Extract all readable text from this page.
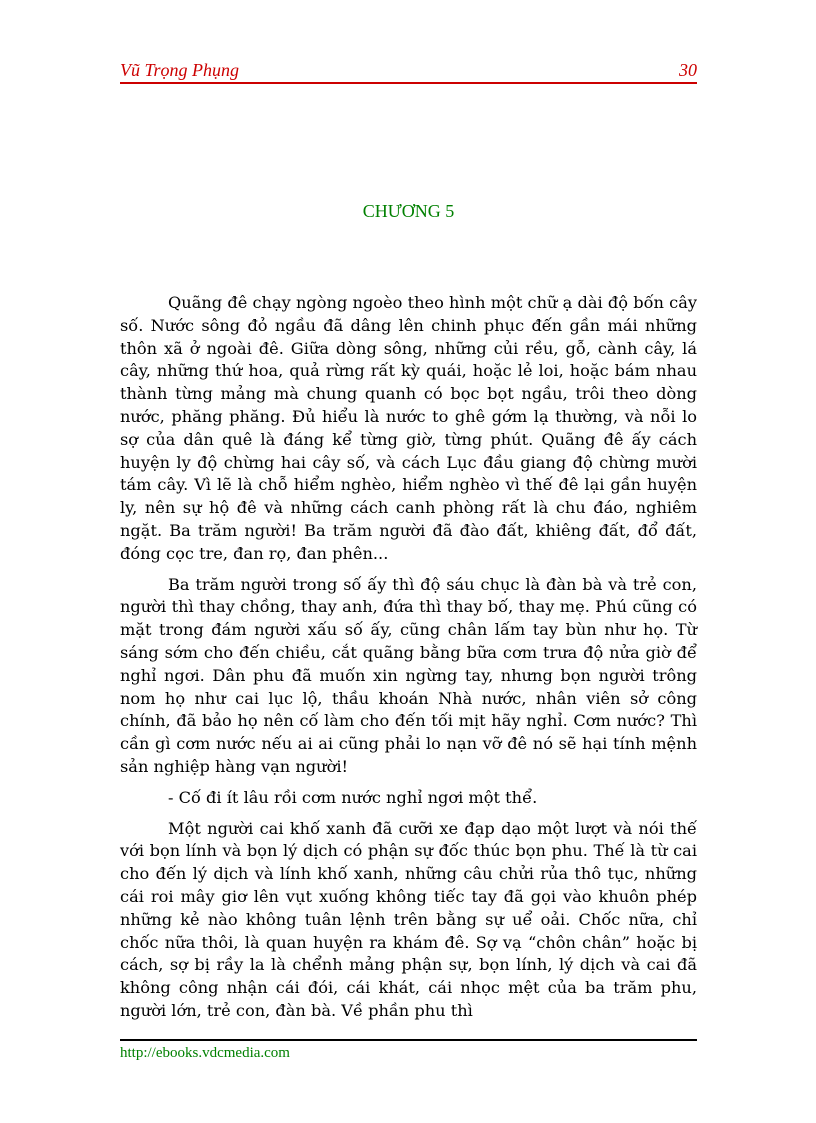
Vũ Trọng Phụng	30
CHƯƠNG 5

Quãng đê chạy ngòng ngoèo theo hình một chữ ạ dài độ bốn cây số. Nước sông đỏ ngầu đã dâng lên chinh phục đến gần mái những thôn xã ở ngoài đê. Giữa dòng sông, những củi rều, gỗ, cành cây, lá cây, những thứ hoa, quả rừng rất kỳ quái, hoặc lẻ loi, hoặc bám nhau thành từng mảng mà chung quanh có bọc bọt ngầu, trôi theo dòng nước, phăng phăng. Đủ hiểu là nước to ghê gớm lạ thường, và nỗi lo sợ của dân quê là đáng kể từng giờ, từng phút. Quãng đê ấy cách huyện ly độ chừng hai cây số, và cách Lục đầu giang độ chừng mười tám cây. Vì lẽ là chỗ hiểm nghèo, hiểm nghèo vì thế đê lại gần huyện ly, nên sự hộ đê và những cách canh phòng rất là chu đáo, nghiêm ngặt. Ba trăm người! Ba trăm người đã đào đất, khiêng đất, đổ đất, đóng cọc tre, đan rọ, đan phên...

Ba trăm người trong số ấy thì độ sáu chục là đàn bà và trẻ con, người thì thay chồng, thay anh, đứa thì thay bố, thay mẹ. Phú cũng có mặt trong đám người xấu số ấy, cũng chân lấm tay bùn như họ. Từ sáng sớm cho đến chiều, cắt quãng bằng bữa cơm trưa độ nửa giờ để nghỉ ngơi. Dân phu đã muốn xin ngừng tay, nhưng bọn người trông nom họ như cai lục lộ, thầu khoán Nhà nước, nhân viên sở công chính, đã bảo họ nên cố làm cho đến tối mịt hãy nghỉ. Cơm nước? Thì cần gì cơm nước nếu ai ai cũng phải lo nạn vỡ đê nó sẽ hại tính mệnh sản nghiệp hàng vạn người!

- Cố đi ít lâu rồi cơm nước nghỉ ngơi một thể.

Một người cai khố xanh đã cưỡi xe đạp dạo một lượt và nói thế với bọn lính và bọn lý dịch có phận sự đốc thúc bọn phu. Thế là từ cai cho đến lý dịch và lính khố xanh, những câu chửi rủa thô tục, những cái roi mây giơ lên vụt xuống không tiếc tay đã gọi vào khuôn phép những kẻ nào không tuân lệnh trên bằng sự uể oải. Chốc nữa, chỉ chốc nữa thôi, là quan huyện ra khám đê. Sợ vạ “chôn chân” hoặc bị cách, sợ bị rầy la là chểnh mảng phận sự, bọn lính, lý dịch và cai đã không công nhận cái đói, cái khát, cái nhọc mệt của ba trăm phu, người lớn, trẻ con, đàn bà. Về phần phu thì

http://ebooks.vdcmedia.com
